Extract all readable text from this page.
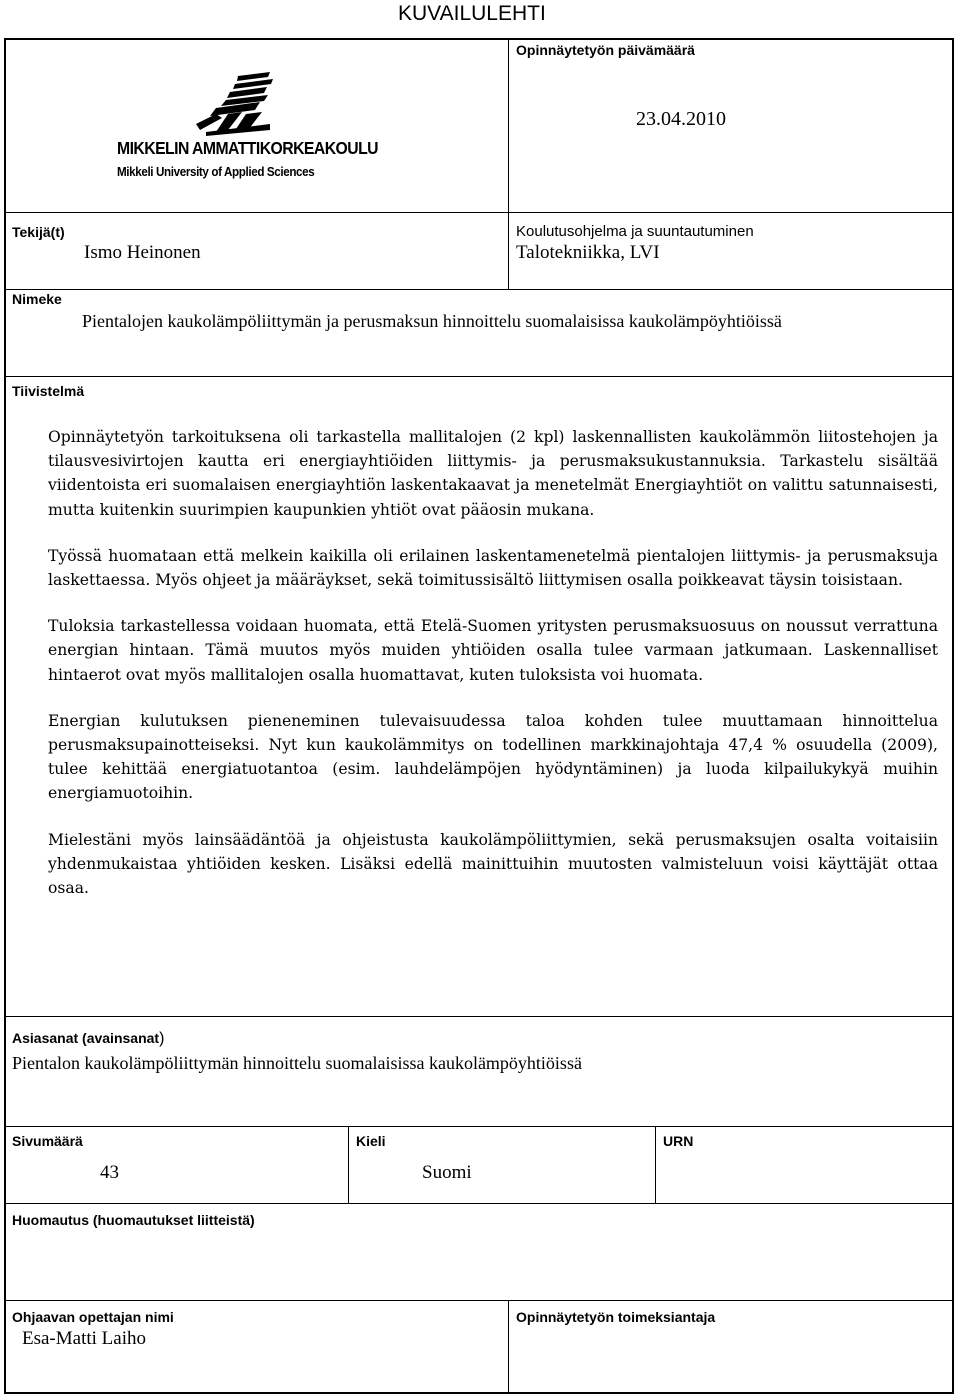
KUVAILULEHTI
MIKKELIN AMMATTIKORKEAKOULU
Mikkeli University of Applied Sciences
Opinnäytetyön päivämäärä
23.04.2010
Tekijä(t)
Ismo Heinonen
Koulutusohjelma ja suuntautuminen
Talotekniikka, LVI
Nimeke
Pientalojen kaukolämpöliittymän ja perusmaksun hinnoittelu suomalaisissa kaukolämpöyhtiöissä
Tiivistelmä

Opinnäytetyön tarkoituksena oli tarkastella mallitalojen (2 kpl) laskennallisten kaukolämmön liitostehojen ja tilausvesivirtojen kautta eri energiayhtiöiden liittymis- ja perusmaksukustannuksia. Tarkastelu sisältää viidentoista eri suomalaisen energiayhtiön laskentakaavat ja menetelmät Energiayhtiöt on valittu satunnaisesti, mutta kuitenkin suurimpien kaupunkien yhtiöt ovat pääosin mukana.

Työssä huomataan että melkein kaikilla oli erilainen laskentamenetelmä pientalojen liittymis- ja perusmaksuja laskettaessa. Myös ohjeet ja määräykset, sekä toimitussisältö liittymisen osalla poikkeavat täysin toisistaan.

Tuloksia tarkastellessa voidaan huomata, että Etelä-Suomen yritysten perusmaksuosuus on noussut verrattuna energian hintaan. Tämä muutos myös muiden yhtiöiden osalla tulee varmaan jatkumaan. Laskennalliset hintaerot ovat myös mallitalojen osalla huomattavat, kuten tuloksista voi huomata.

Energian kulutuksen pieneneminen tulevaisuudessa taloa kohden tulee muuttamaan hinnoittelua perusmaksupainotteiseksi. Nyt kun kaukolämmitys on todellinen markkinajohtaja 47,4 % osuudella (2009), tulee kehittää energiatuotantoa (esim. lauhdelämpöjen hyödyntäminen) ja luoda kilpailukykyä muihin energiamuotoihin.

Mielestäni myös lainsäädäntöä ja ohjeistusta kaukolämpöliittymien, sekä perusmaksujen osalta voitaisiin yhdenmukaistaa yhtiöiden kesken. Lisäksi edellä mainittuihin muutosten valmisteluun voisi käyttäjät ottaa osaa.

Asiasanat (avainsanat)
Pientalon kaukolämpöliittymän hinnoittelu suomalaisissa kaukolämpöyhtiöissä
Sivumäärä
43
Kieli
Suomi
URN
Huomautus (huomautukset liitteistä)
Ohjaavan opettajan nimi
Esa-Matti Laiho
Opinnäytetyön toimeksiantaja
